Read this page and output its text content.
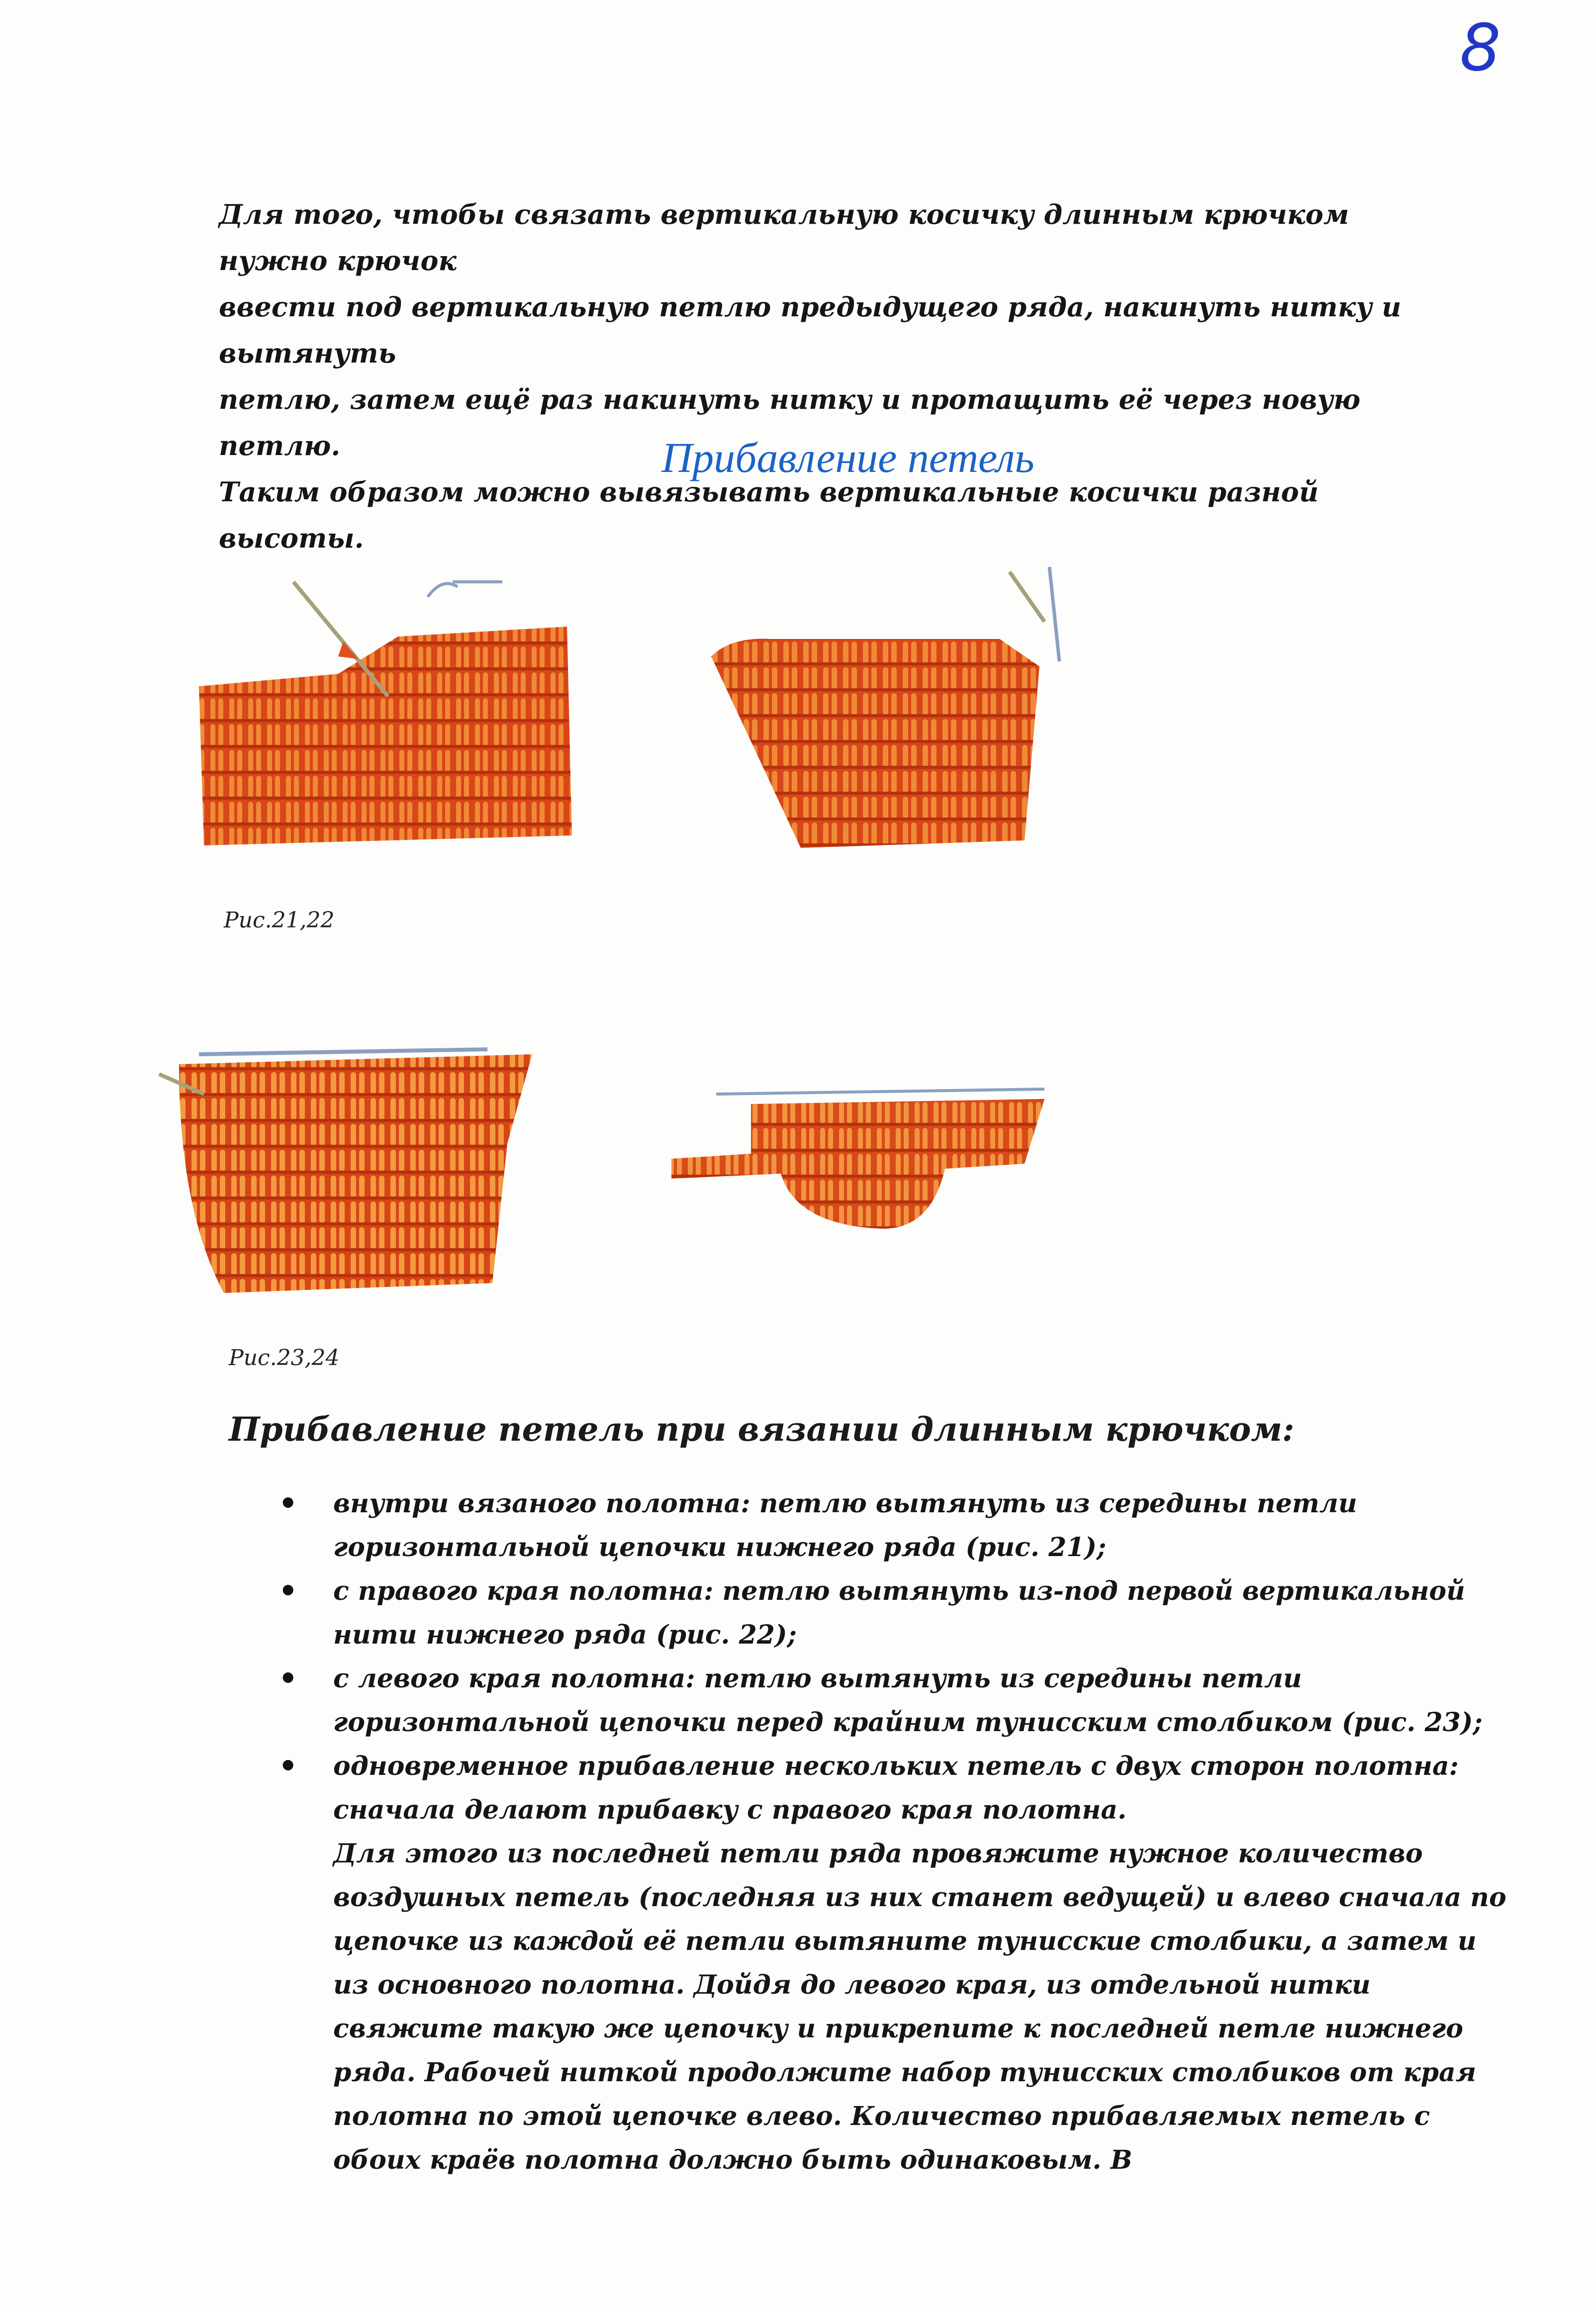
8
Для того, чтобы связать вертикальную косичку длинным крючком нужно крючок
ввести под вертикальную петлю предыдущего ряда, накинуть нитку и вытянуть
петлю, затем ещё раз накинуть нитку и протащить её через новую петлю.
Таким образом можно вывязывать вертикальные косички разной высоты.
Прибавление петель
Рис.21,22
Рис.23,24
Прибавление петель при вязании длинным крючком:
• внутри вязаного полотна: петлю вытянуть из середины петли горизонтальной цепочки нижнего ряда (рис. 21);
• с правого края полотна: петлю вытянуть из-под первой вертикальной нити нижнего ряда (рис. 22);
• с левого края полотна: петлю вытянуть из середины петли горизонтальной цепочки перед крайним тунисским столбиком (рис. 23);
• одновременное прибавление нескольких петель с двух сторон полотна: сначала делают прибавку с правого края полотна.
Для этого из последней петли ряда провяжите нужное количество воздушных петель (последняя из них станет ведущей) и влево сначала по цепочке из каждой её петли вытяните тунисские столбики, а затем и из основного полотна. Дойдя до левого края, из отдельной нитки свяжите такую же цепочку и прикрепите к последней петле нижнего ряда. Рабочей ниткой продолжите набор тунисских столбиков от края полотна по этой цепочке влево. Количество прибавляемых петель с обоих краёв полотна должно быть одинаковым. В
